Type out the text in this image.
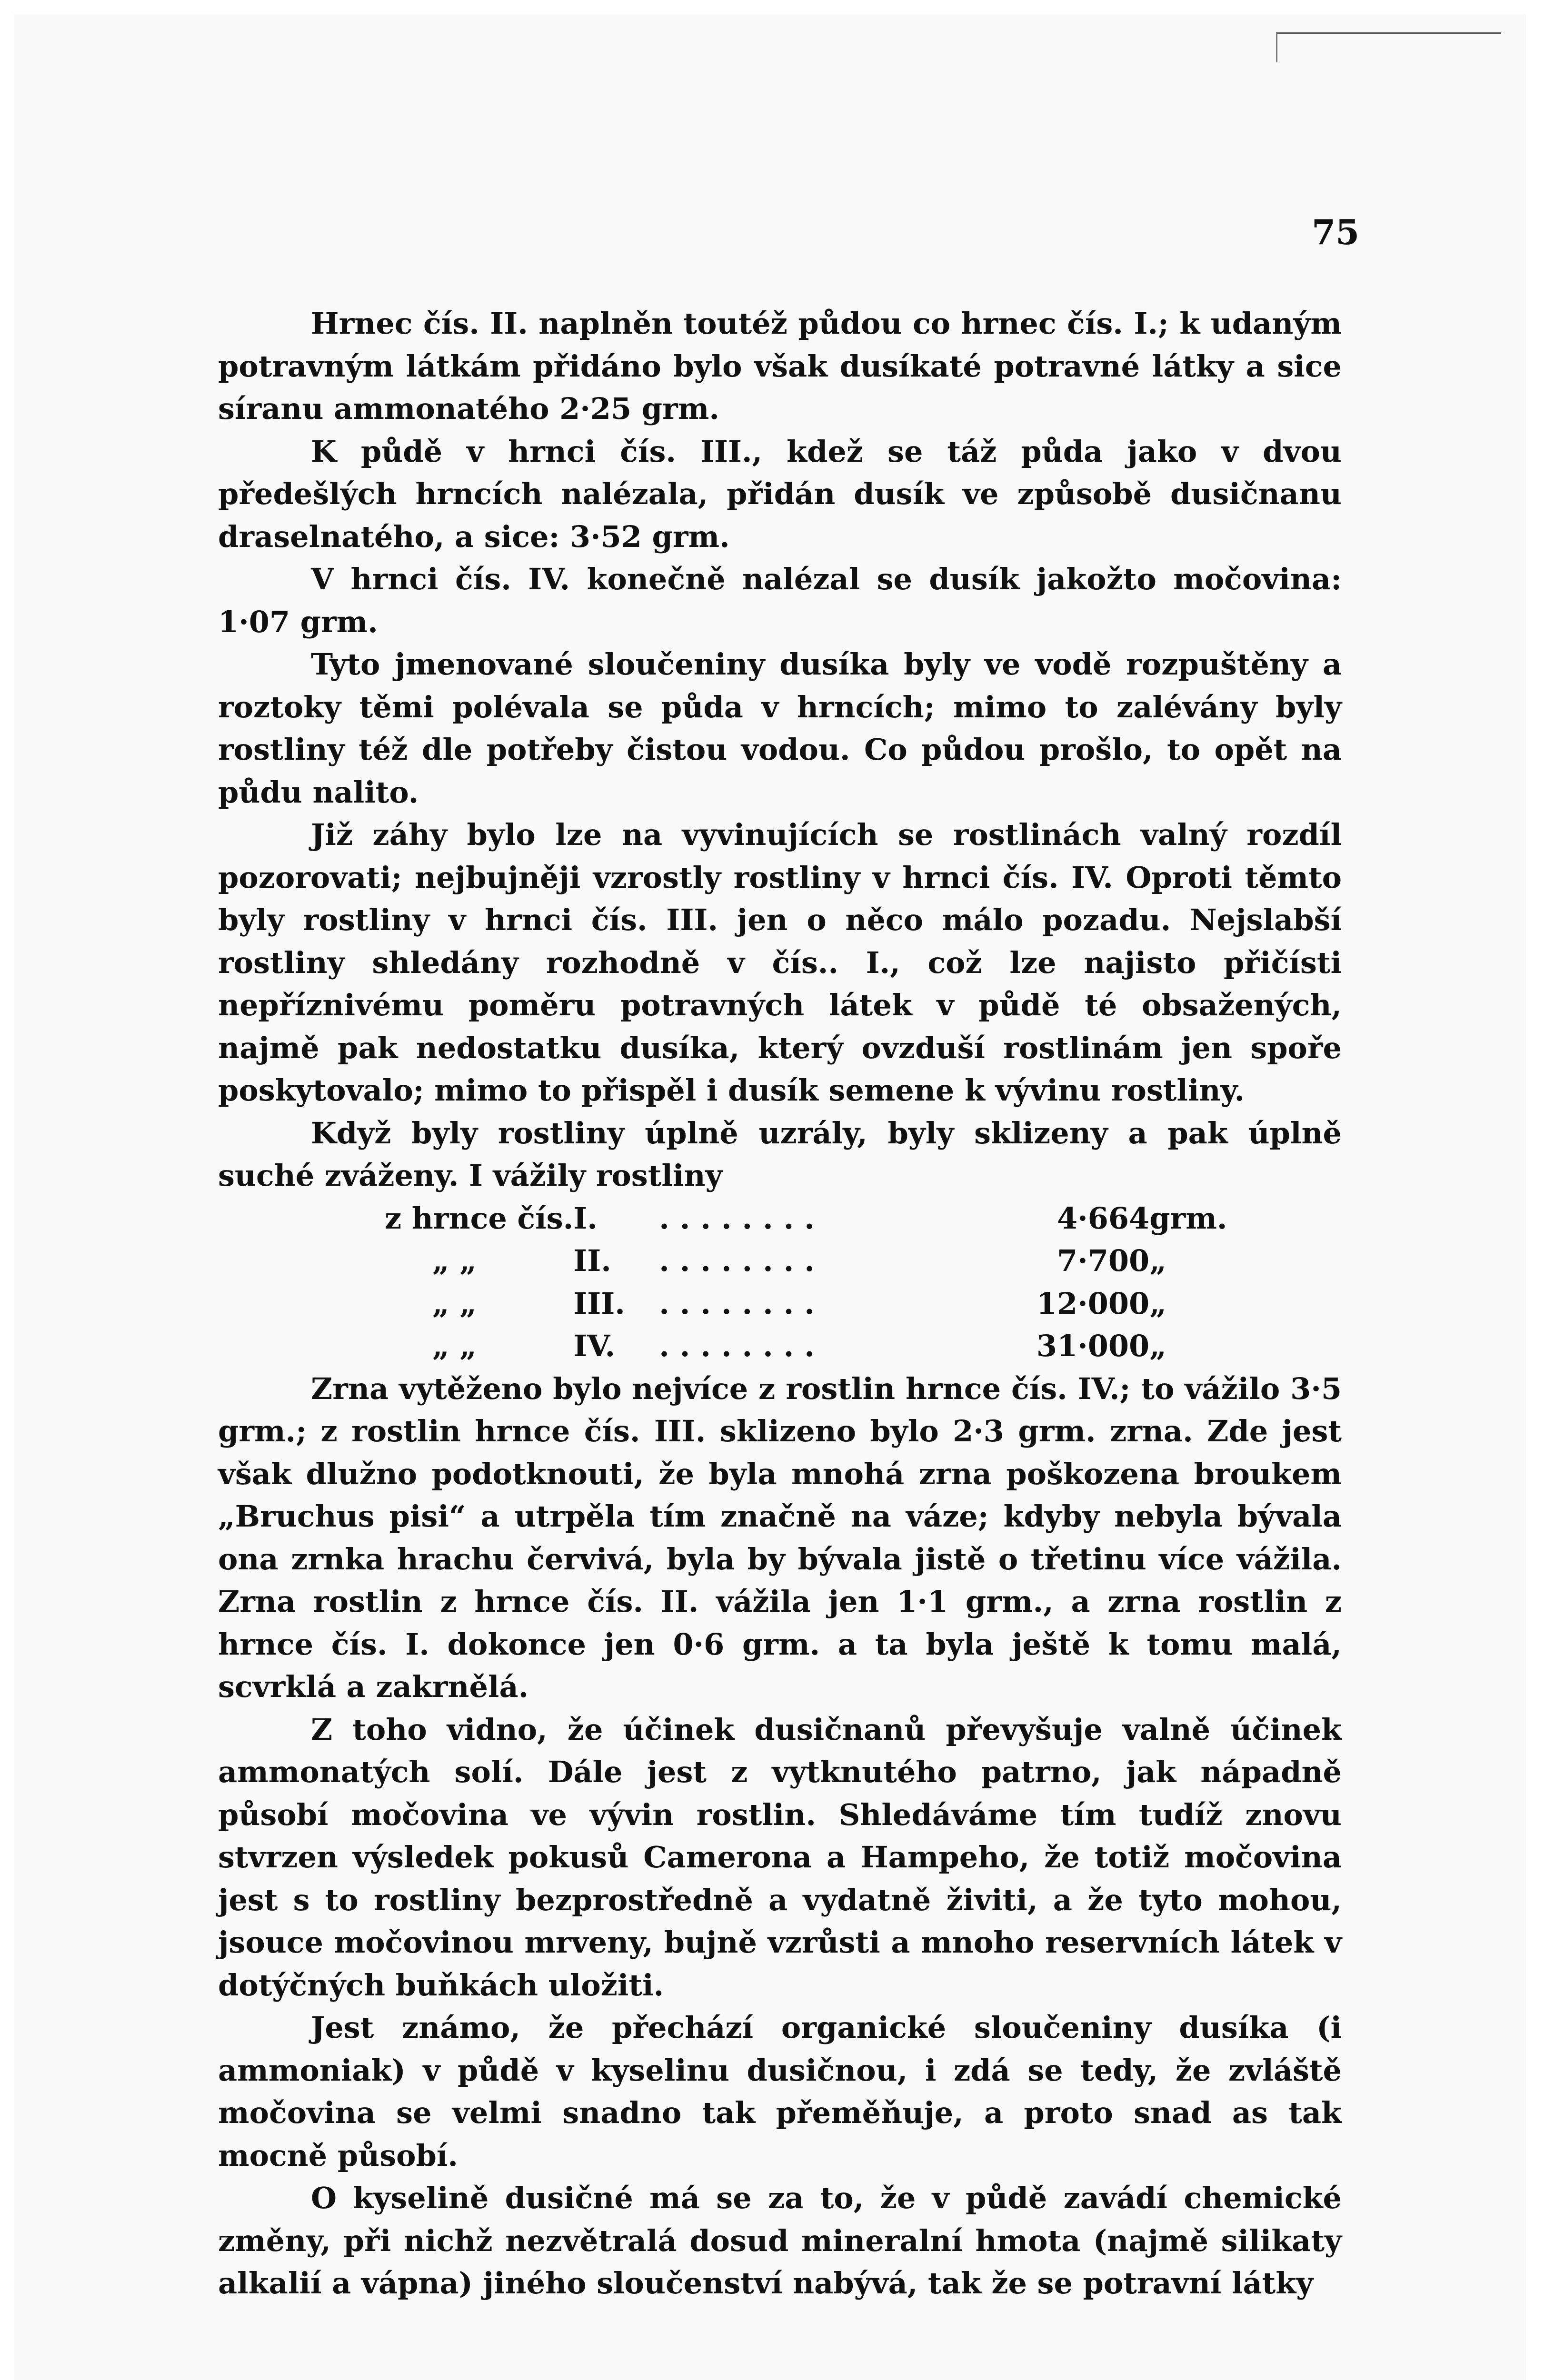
75

Hrnec čís. II. naplněn toutéž půdou co hrnec čís. I.; k udaným potravným látkám přidáno bylo však dusíkaté potravné látky a sice síranu ammonatého 2·25 grm.

K půdě v hrnci čís. III., kdež se táž půda jako v dvou předešlých hrncích nalézala, přidán dusík ve způsobě dusičnanu draselnatého, a sice: 3·52 grm.

V hrnci čís. IV. konečně nalézal se dusík jakožto močovina: 1·07 grm.

Tyto jmenované sloučeniny dusíka byly ve vodě rozpuštěny a roztoky těmi polévala se půda v hrncích; mimo to zalévány byly rostliny též dle potřeby čistou vodou. Co půdou prošlo, to opět na půdu nalito.

Již záhy bylo lze na vyvinujících se rostlinách valný rozdíl pozorovati; nejbujněji vzrostly rostliny v hrnci čís. IV. Oproti těmto byly rostliny v hrnci čís. III. jen o něco málo pozadu. Nejslabší rostliny shledány rozhodně v čís.. I., což lze najisto přičísti nepříznivému poměru potravných látek v půdě té obsažených, najmě pak nedostatku dusíka, který ovzduší rostlinám jen spoře poskytovalo; mimo to přispěl i dusík semene k vývinu rostliny.

Když byly rostliny úplně uzrály, byly sklizeny a pak úplně suché zváženy. I vážily rostliny

z hrnce čís.	I.	........	4·664	grm.
„ „	II.	........	7·700	„
„ „	III.	........	12·000	„
„ „	IV.	........	31·000	„

Zrna vytěženo bylo nejvíce z rostlin hrnce čís. IV.; to vážilo 3·5 grm.; z rostlin hrnce čís. III. sklizeno bylo 2·3 grm. zrna. Zde jest však dlužno podotknouti, že byla mnohá zrna poškozena broukem „Bruchus pisi“ a utrpěla tím značně na váze; kdyby nebyla bývala ona zrnka hrachu červivá, byla by bývala jistě o třetinu více vážila. Zrna rostlin z hrnce čís. II. vážila jen 1·1 grm., a zrna rostlin z hrnce čís. I. dokonce jen 0·6 grm. a ta byla ještě k tomu malá, scvrklá a zakrnělá.

Z toho vidno, že účinek dusičnanů převyšuje valně účinek ammonatých solí. Dále jest z vytknutého patrno, jak nápadně působí močovina ve vývin rostlin. Shledáváme tím tudíž znovu stvrzen výsledek pokusů Camerona a Hampeho, že totiž močovina jest s to rostliny bezprostředně a vydatně živiti, a že tyto mohou, jsouce močovinou mrveny, bujně vzrůsti a mnoho reservních látek v dotýčných buňkách uložiti.

Jest známo, že přechází organické sloučeniny dusíka (i ammoniak) v půdě v kyselinu dusičnou, i zdá se tedy, že zvláště močovina se velmi snadno tak přeměňuje, a proto snad as tak mocně působí.

O kyselině dusičné má se za to, že v půdě zavádí chemické změny, při nichž nezvětralá dosud mineralní hmota (najmě silikaty alkalií a vápna) jiného sloučenství nabývá, tak že se potravní látky
